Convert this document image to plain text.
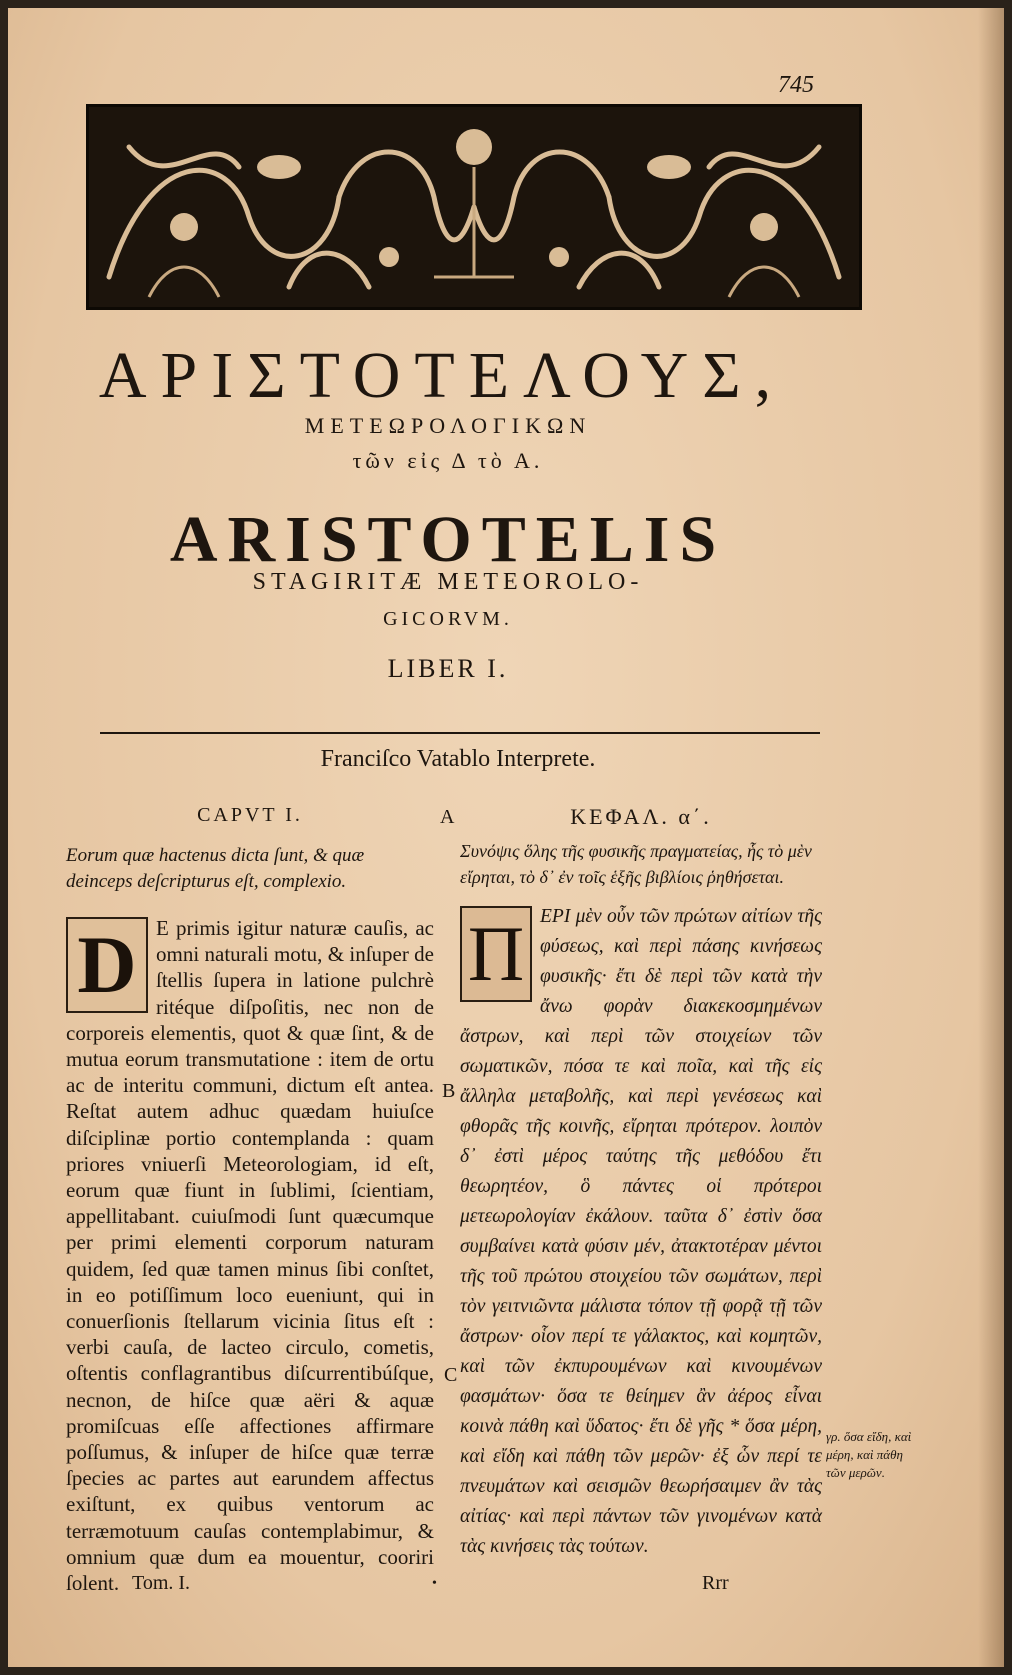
745
ΑΡΙΣΤΟΤΕΛΟΥΣ,
ΜΕΤΕΩΡΟΛΟΓΙΚΩΝ
τῶν εἰς Δ τὸ Α.
ARISTOTELIS
STAGIRITÆ METEOROLO-
GICORVM.
LIBER I.
Franciſco Vatablo Interprete.
A
B
C
CAPVT I.

Eorum quæ hactenus dicta ſunt, & quæ deinceps deſcripturus eſt, complexio.

D E primis igitur naturæ cauſis, ac omni naturali motu, & inſuper de ſtellis ſupera in latione pulchrè ritéque diſpoſitis, nec non de corporeis elementis, quot & quæ ſint, & de mutua eorum transmutatione : item de ortu ac de interitu communi, dictum eſt antea. Reſtat autem adhuc quædam huiuſce diſciplinæ portio contemplanda : quam priores vniuerſi Meteorologiam, id eſt, eorum quæ fiunt in ſublimi, ſcientiam, appellitabant. cuiuſmodi ſunt quæcumque per primi elementi corporum naturam quidem, ſed quæ tamen minus ſibi conſtet, in eo potiſſimum loco eueniunt, qui in conuerſionis ſtellarum vicinia ſitus eſt : verbi cauſa, de lacteo circulo, cometis, oſtentis conflagrantibus diſcurrentibúſque, necnon, de hiſce quæ aëri & aquæ promiſcuas eſſe affectiones affirmare poſſumus, & inſuper de hiſce quæ terræ ſpecies ac partes aut earundem affectus exiſtunt, ex quibus ventorum ac terræmotuum cauſas contemplabimur, & omnium quæ dum ea mouentur, cooriri ſolent.

ΚΕΦΑΛ. α΄.

Συνόψις ὅλης τῆς φυσικῆς πραγματείας, ἧς τὸ μὲν εἴρηται, τὸ δ᾽ ἐν τοῖς ἑξῆς βιβλίοις ῥηθήσεται.

Π ΕΡΙ μὲν οὖν τῶν πρώτων αἰτίων τῆς φύσεως, καὶ περὶ πάσης κινήσεως φυσικῆς· ἔτι δὲ περὶ τῶν κατὰ τὴν ἄνω φορὰν διακεκοσμημένων ἄστρων, καὶ περὶ τῶν στοιχείων τῶν σωματικῶν, πόσα τε καὶ ποῖα, καὶ τῆς εἰς ἄλληλα μεταβολῆς, καὶ περὶ γενέσεως καὶ φθορᾶς τῆς κοινῆς, εἴρηται πρότερον. λοιπὸν δ᾽ ἐστὶ μέρος ταύτης τῆς μεθόδου ἔτι θεωρητέον, ὃ πάντες οἱ πρότεροι μετεωρολογίαν ἐκάλουν. ταῦτα δ᾽ ἐστὶν ὅσα συμβαίνει κατὰ φύσιν μέν, ἀτακτοτέραν μέντοι τῆς τοῦ πρώτου στοιχείου τῶν σωμάτων, περὶ τὸν γειτνιῶντα μάλιστα τόπον τῇ φορᾷ τῇ τῶν ἄστρων· οἷον περί τε γάλακτος, καὶ κομητῶν, καὶ τῶν ἐκπυρουμένων καὶ κινουμένων φασμάτων· ὅσα τε θείημεν ἂν ἀέρος εἶναι κοινὰ πάθη καὶ ὕδατος· ἔτι δὲ γῆς * ὅσα μέρη, καὶ εἴδη καὶ πάθη τῶν μερῶν· ἐξ ὧν περί τε πνευμάτων καὶ σεισμῶν θεωρήσαιμεν ἂν τὰς αἰτίας· καὶ περὶ πάντων τῶν γινομένων κατὰ τὰς κινήσεις τὰς τούτων.

γρ. ὅσα εἴδη, καὶ μέρη, καὶ πάθη τῶν μερῶν.
Tom. I.	•	Rrr
